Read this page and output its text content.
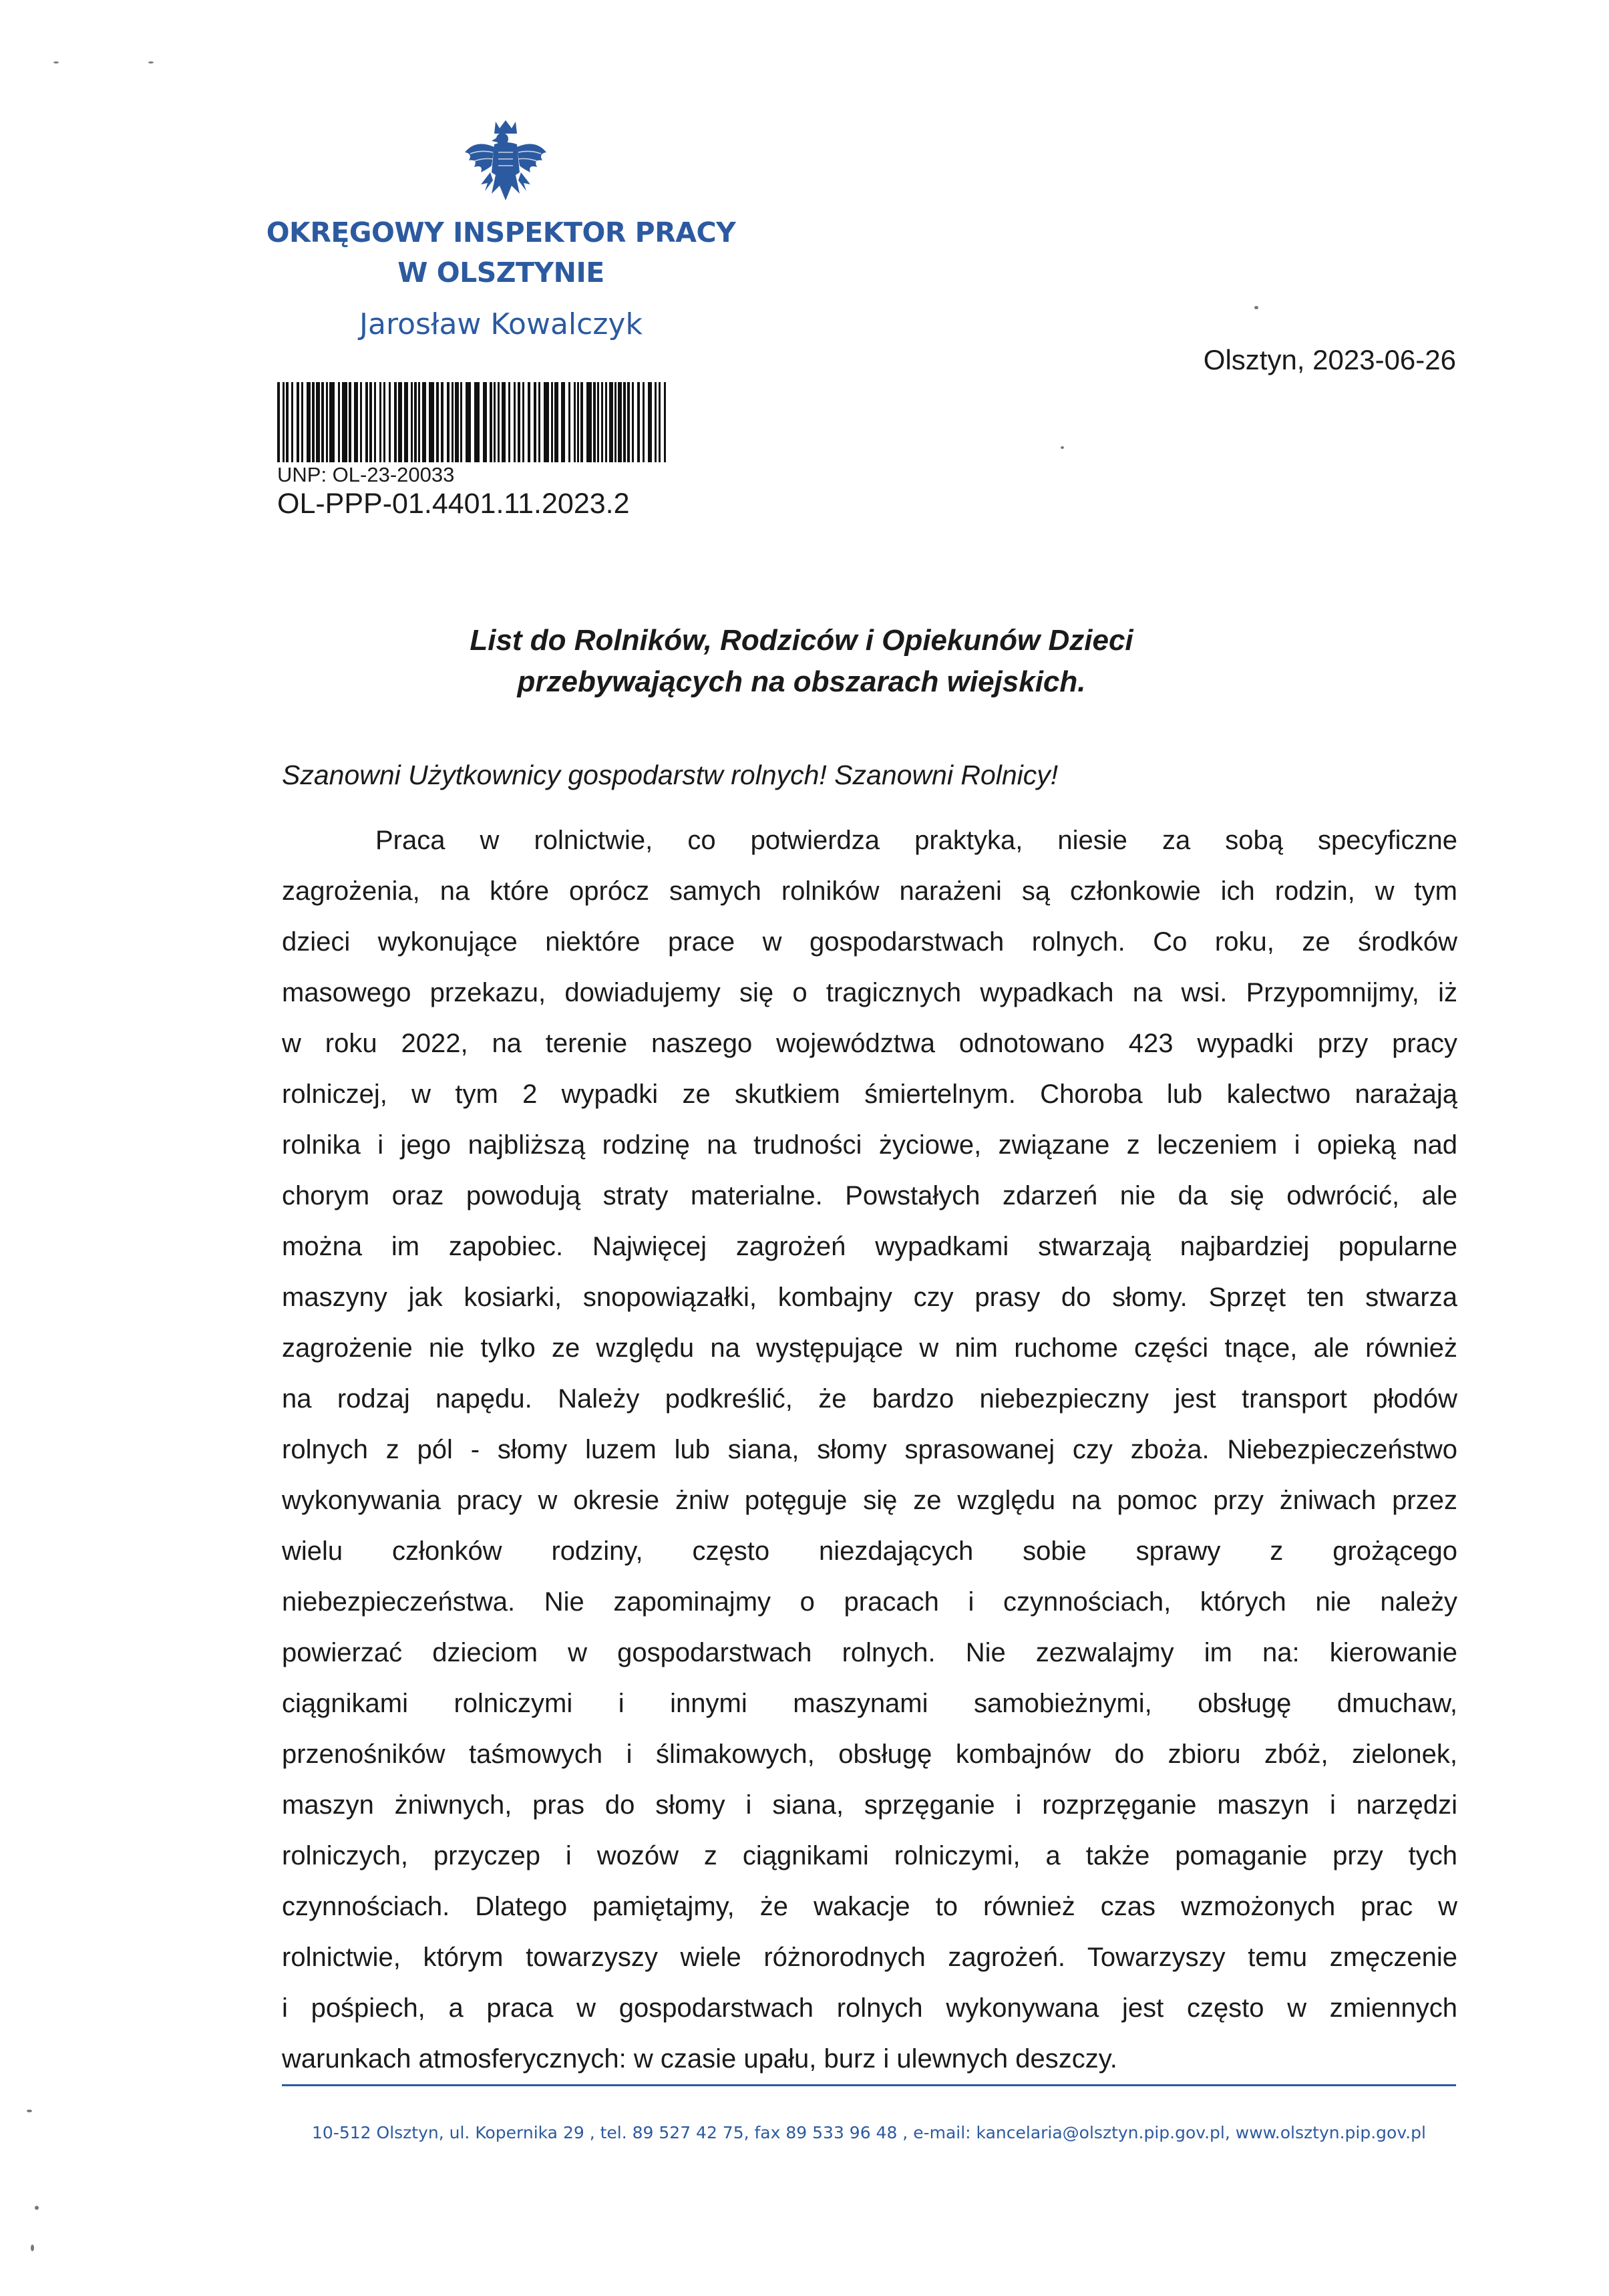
OKRĘGOWY INSPEKTOR PRACY
W OLSZTYNIE
Jarosław Kowalczyk
Olsztyn, 2023-06-26
UNP: OL-23-20033
OL-PPP-01.4401.11.2023.2
List do Rolników, Rodziców i Opiekunów Dzieci
przebywających na obszarach wiejskich.
Szanowni Użytkownicy gospodarstw rolnych! Szanowni Rolnicy!
Praca w rolnictwie, co potwierdza praktyka, niesie za sobą specyficzne
zagrożenia, na które oprócz samych rolników narażeni są członkowie ich rodzin, w tym
dzieci wykonujące niektóre prace w gospodarstwach rolnych. Co roku, ze środków
masowego przekazu, dowiadujemy się o tragicznych wypadkach na wsi. Przypomnijmy, iż
w roku 2022, na terenie naszego województwa odnotowano 423 wypadki przy pracy
rolniczej, w tym 2 wypadki ze skutkiem śmiertelnym. Choroba lub kalectwo narażają
rolnika i jego najbliższą rodzinę na trudności życiowe, związane z leczeniem i opieką nad
chorym oraz powodują straty materialne. Powstałych zdarzeń nie da się odwrócić, ale
można im zapobiec. Najwięcej zagrożeń wypadkami stwarzają najbardziej popularne
maszyny jak kosiarki, snopowiązałki, kombajny czy prasy do słomy. Sprzęt ten stwarza
zagrożenie nie tylko ze względu na występujące w nim ruchome części tnące, ale również
na rodzaj napędu. Należy podkreślić, że bardzo niebezpieczny jest transport płodów
rolnych z pól - słomy luzem lub siana, słomy sprasowanej czy zboża. Niebezpieczeństwo
wykonywania pracy w okresie żniw potęguje się ze względu na pomoc przy żniwach przez
wielu członków rodziny, często niezdających sobie sprawy z grożącego
niebezpieczeństwa. Nie zapominajmy o pracach i czynnościach, których nie należy
powierzać dzieciom w gospodarstwach rolnych. Nie zezwalajmy im na: kierowanie
ciągnikami rolniczymi i innymi maszynami samobieżnymi, obsługę dmuchaw,
przenośników taśmowych i ślimakowych, obsługę kombajnów do zbioru zbóż, zielonek,
maszyn żniwnych, pras do słomy i siana, sprzęganie i rozprzęganie maszyn i narzędzi
rolniczych, przyczep i wozów z ciągnikami rolniczymi, a także pomaganie przy tych
czynnościach. Dlatego pamiętajmy, że wakacje to również czas wzmożonych prac w
rolnictwie, którym towarzyszy wiele różnorodnych zagrożeń. Towarzyszy temu zmęczenie
i pośpiech, a praca w gospodarstwach rolnych wykonywana jest często w zmiennych
warunkach atmosferycznych: w czasie upału, burz i ulewnych deszczy.
10-512 Olsztyn, ul. Kopernika 29 , tel. 89 527 42 75, fax 89 533 96 48 , e-mail: kancelaria@olsztyn.pip.gov.pl, www.olsztyn.pip.gov.pl
